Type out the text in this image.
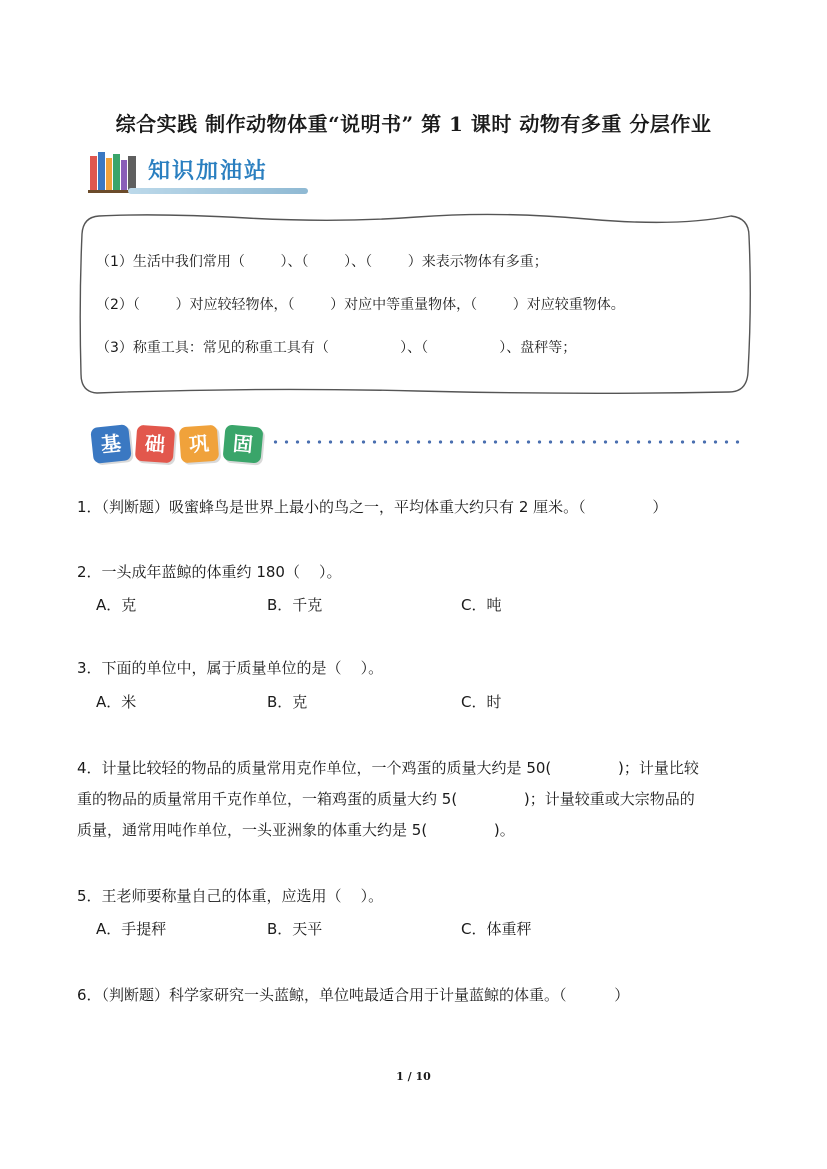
综合实践 制作动物体重“说明书” 第 1 课时 动物有多重 分层作业
知识加油站
（1）生活中我们常用（        ）、（        ）、（        ）来表示物体有多重；
（2）（        ）对应较轻物体，（        ）对应中等重量物体，（        ）对应较重物体。
（3）称重工具：常见的称重工具有（                ）、（                ）、盘秤等；
基	础	巩	固
1．（判断题）吸蜜蜂鸟是世界上最小的鸟之一，平均体重大约只有 2 厘米。（              ）
2．一头成年蓝鲸的体重约 180（    ）。
A．克	B．千克	C．吨
3．下面的单位中，属于质量单位的是（    ）。
A．米	B．克	C．时
4．计量比较轻的物品的质量常用克作单位，一个鸡蛋的质量大约是 50(              )；计量比较
重的物品的质量常用千克作单位，一箱鸡蛋的质量大约 5(              )；计量较重或大宗物品的
质量，通常用吨作单位，一头亚洲象的体重大约是 5(              )。
5．王老师要称量自己的体重，应选用（    ）。
A．手提秤	B．天平	C．体重秤
6．（判断题）科学家研究一头蓝鲸，单位吨最适合用于计量蓝鲸的体重。（          ）
1 / 10
